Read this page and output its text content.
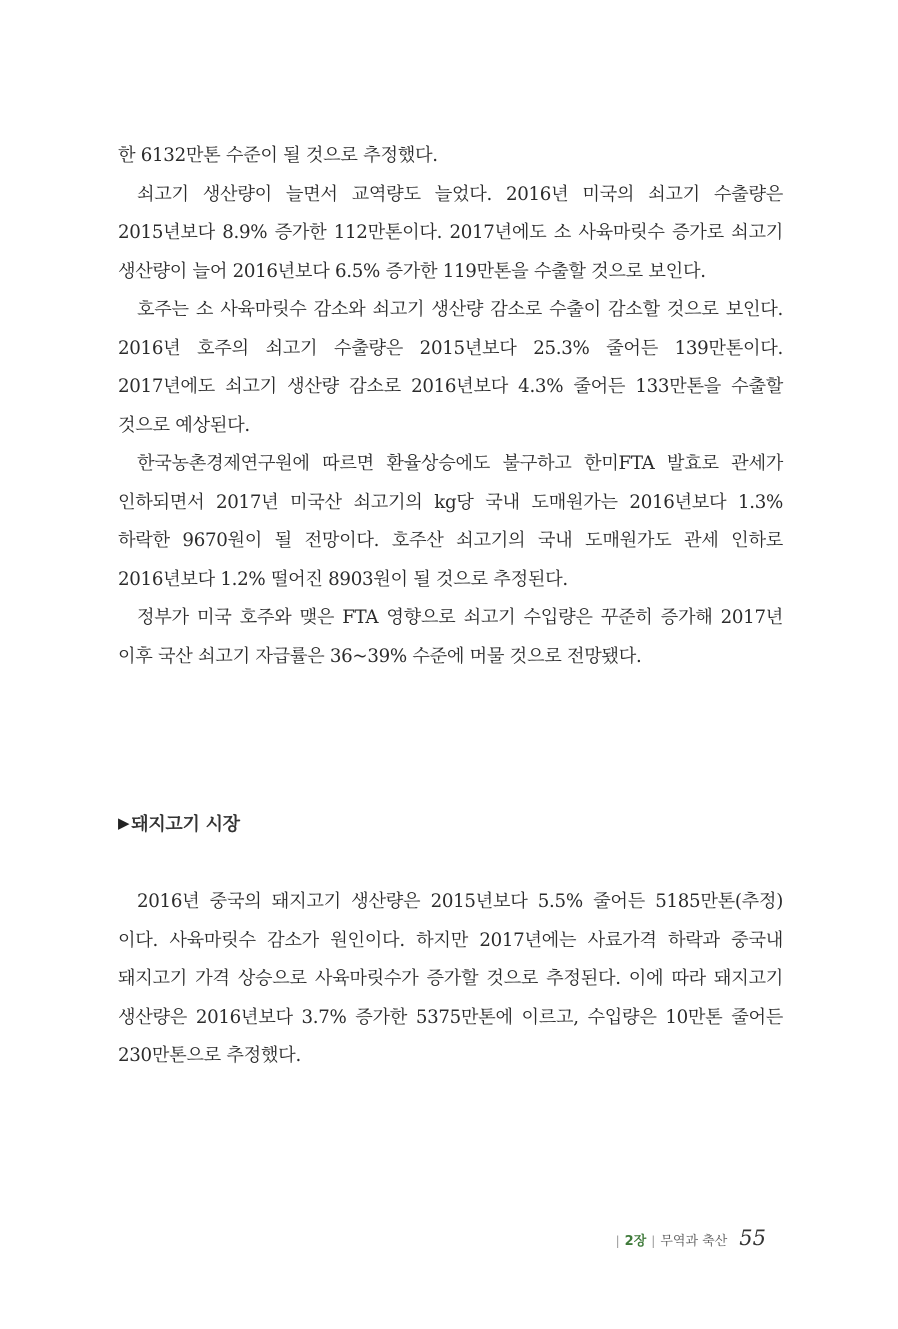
한 6132만톤 수준이 될 것으로 추정했다.

쇠고기 생산량이 늘면서 교역량도 늘었다. 2016년 미국의 쇠고기 수출량은 2015년보다 8.9% 증가한 112만톤이다. 2017년에도 소 사육마릿수 증가로 쇠고기 생산량이 늘어 2016년보다 6.5% 증가한 119만톤을 수출할 것으로 보인다.

호주는 소 사육마릿수 감소와 쇠고기 생산량 감소로 수출이 감소할 것으로 보인다. 2016년 호주의 쇠고기 수출량은 2015년보다 25.3% 줄어든 139만톤이다. 2017년에도 쇠고기 생산량 감소로 2016년보다 4.3% 줄어든 133만톤을 수출할 것으로 예상된다.

한국농촌경제연구원에 따르면 환율상승에도 불구하고 한미FTA 발효로 관세가 인하되면서 2017년 미국산 쇠고기의 kg당 국내 도매원가는 2016년보다 1.3% 하락한 9670원이 될 전망이다. 호주산 쇠고기의 국내 도매원가도 관세 인하로 2016년보다 1.2% 떨어진 8903원이 될 것으로 추정된다.

정부가 미국 호주와 맺은 FTA 영향으로 쇠고기 수입량은 꾸준히 증가해 2017년 이후 국산 쇠고기 자급률은 36~39% 수준에 머물 것으로 전망됐다.

▶ 돼지고기 시장

2016년 중국의 돼지고기 생산량은 2015년보다 5.5% 줄어든 5185만톤(추정)이다. 사육마릿수 감소가 원인이다. 하지만 2017년에는 사료가격 하락과 중국내 돼지고기 가격 상승으로 사육마릿수가 증가할 것으로 추정된다. 이에 따라 돼지고기 생산량은 2016년보다 3.7% 증가한 5375만톤에 이르고, 수입량은 10만톤 줄어든 230만톤으로 추정했다.

| 2장 | 무역과 축산 55
